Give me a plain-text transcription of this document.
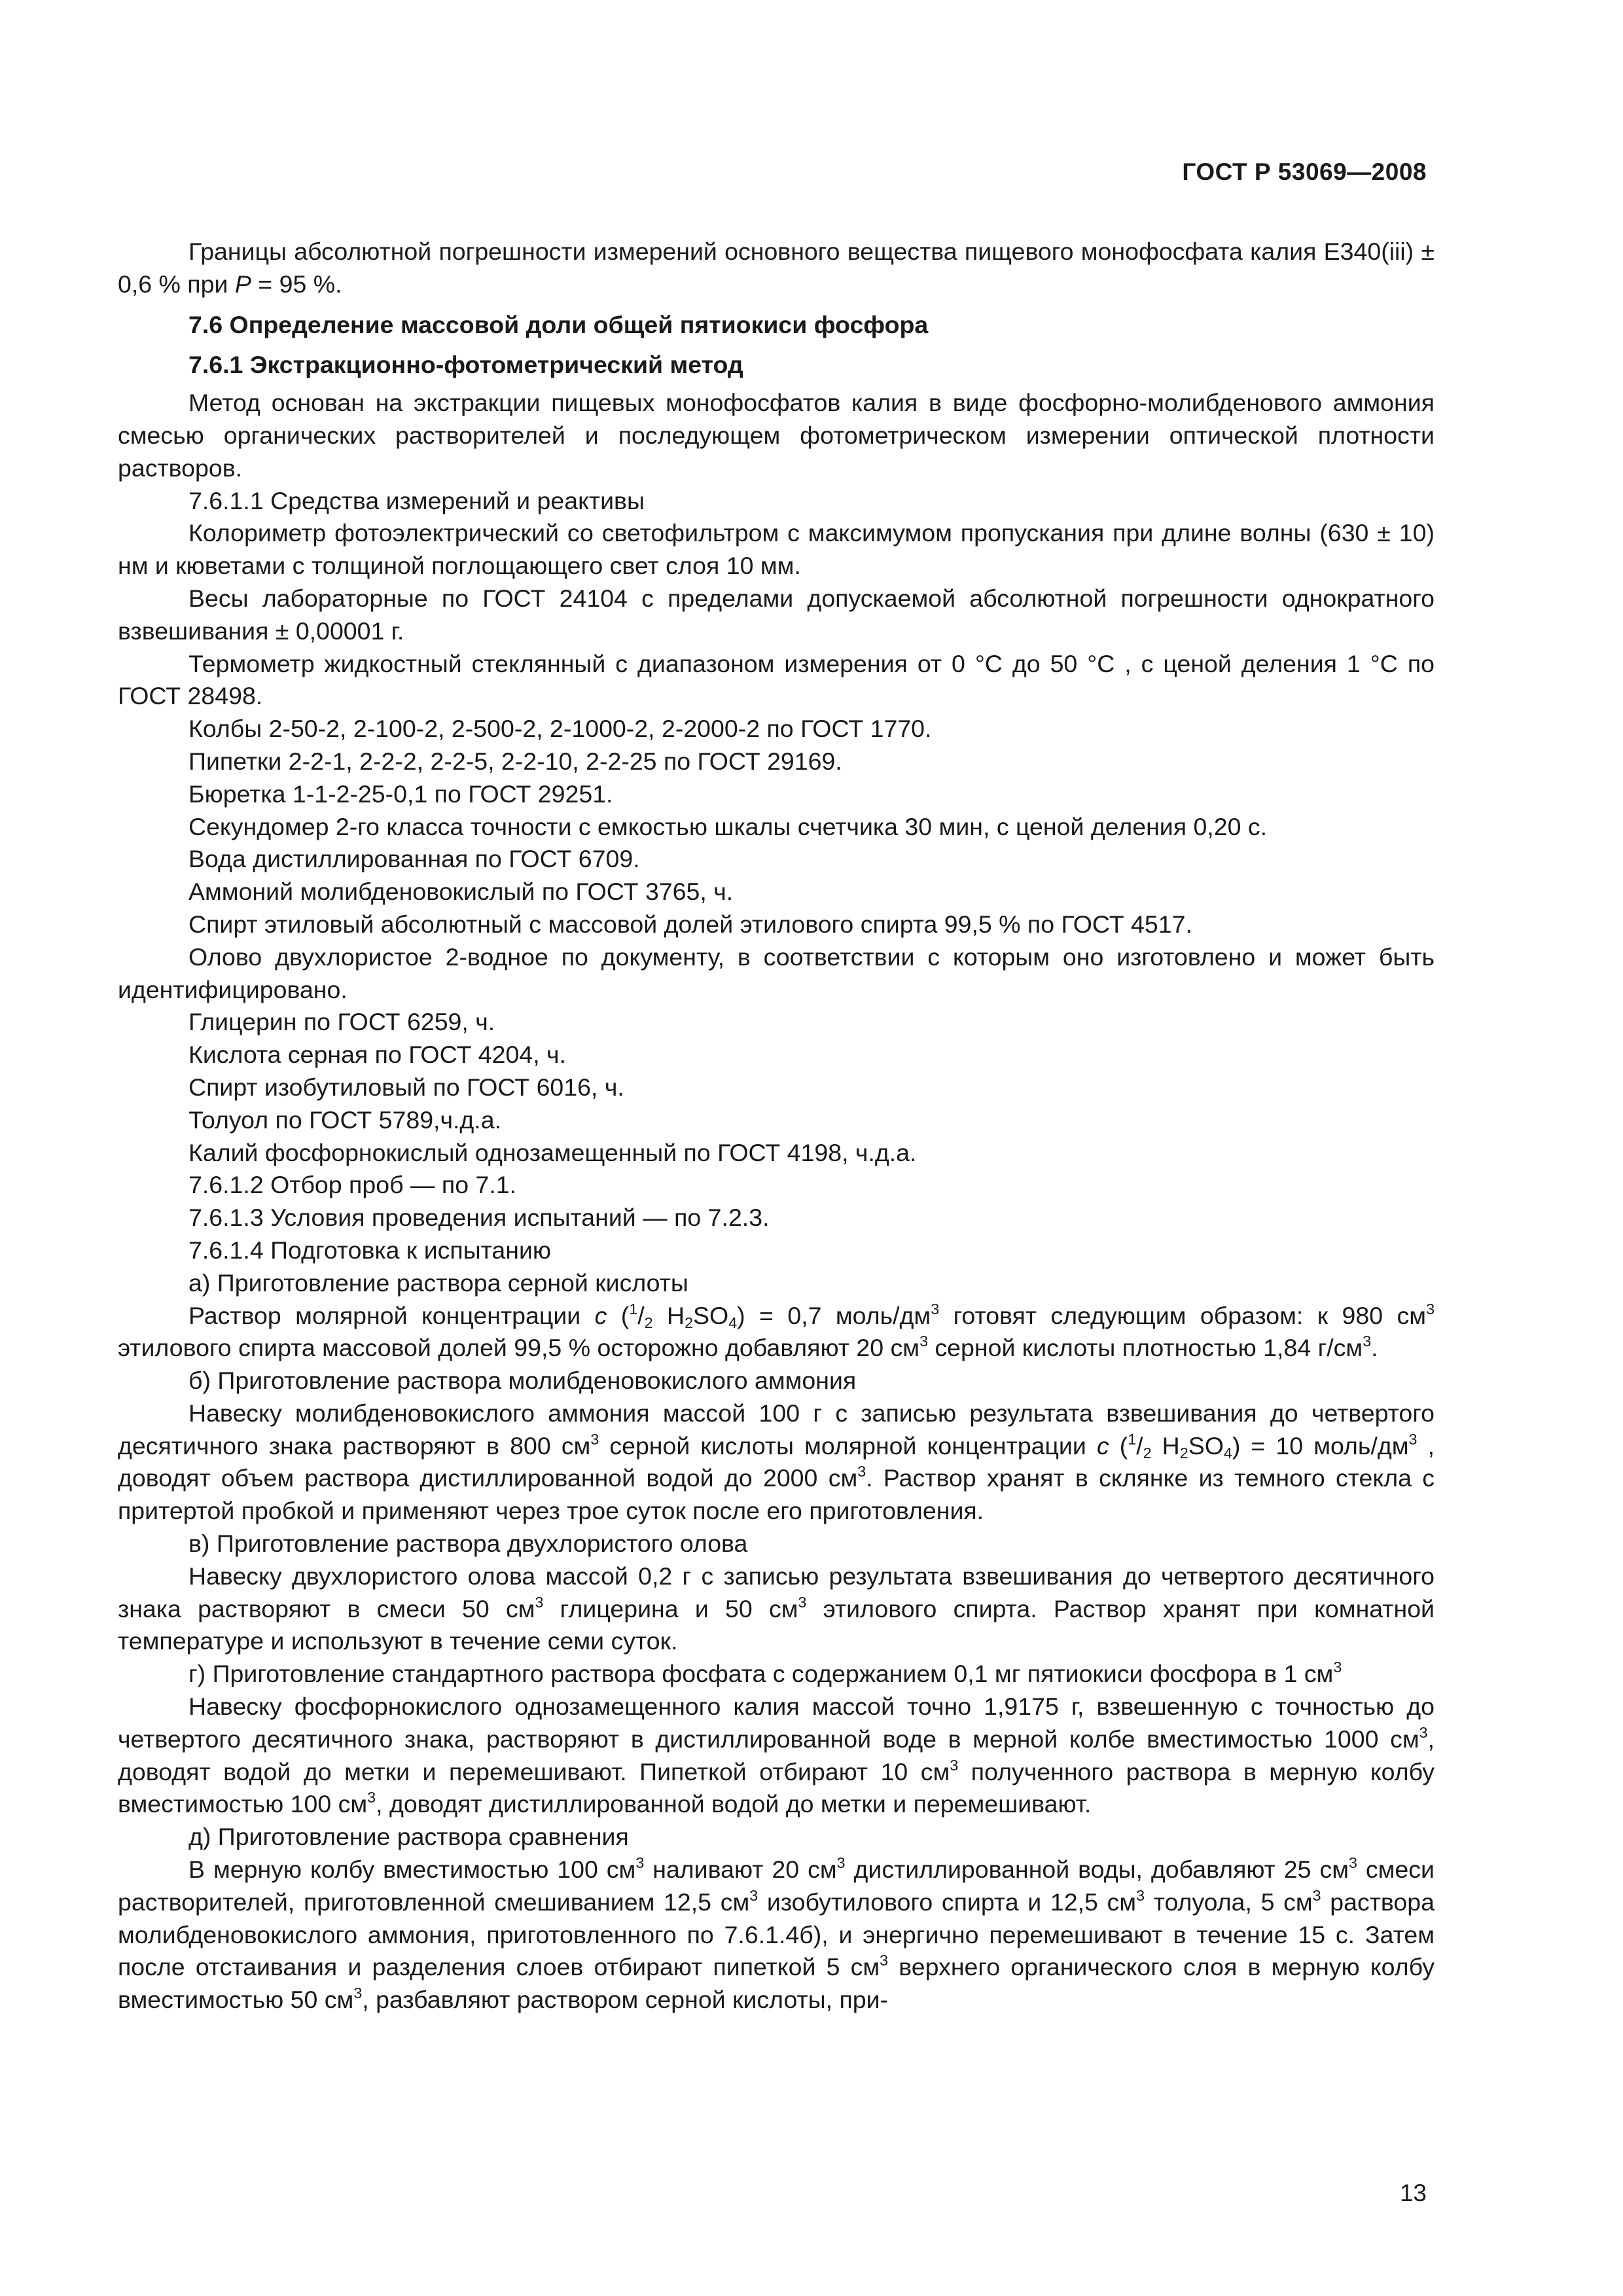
ГОСТ Р 53069—2008

Границы абсолютной погрешности измерений основного вещества пищевого монофосфата калия Е340(iii) ± 0,6 % при Р = 95 %.

7.6 Определение массовой доли общей пятиокиси фосфора

7.6.1 Экстракционно-фотометрический метод

Метод основан на экстракции пищевых монофосфатов калия в виде фосфорно-молибденового аммония смесью органических растворителей и последующем фотометрическом измерении оптической плотности растворов.

7.6.1.1 Средства измерений и реактивы

Колориметр фотоэлектрический со светофильтром с максимумом пропускания при длине волны (630 ± 10) нм и кюветами с толщиной поглощающего свет слоя 10 мм.

Весы лабораторные по ГОСТ 24104 с пределами допускаемой абсолютной погрешности однократного взвешивания ± 0,00001 г.

Термометр жидкостный стеклянный с диапазоном измерения от 0 °С до 50 °С , с ценой деления 1 °С по ГОСТ 28498.

Колбы 2-50-2, 2-100-2, 2-500-2, 2-1000-2, 2-2000-2 по ГОСТ 1770.

Пипетки 2-2-1, 2-2-2, 2-2-5, 2-2-10, 2-2-25 по ГОСТ 29169.

Бюретка 1-1-2-25-0,1 по ГОСТ 29251.

Секундомер 2-го класса точности с емкостью шкалы счетчика 30 мин, с ценой деления 0,20 с.

Вода дистиллированная по ГОСТ 6709.

Аммоний молибденовокислый по ГОСТ 3765, ч.

Спирт этиловый абсолютный с массовой долей этилового спирта 99,5 % по ГОСТ 4517.

Олово двухлористое 2-водное по документу, в соответствии с которым оно изготовлено и может быть идентифицировано.

Глицерин по ГОСТ 6259, ч.

Кислота серная по ГОСТ 4204, ч.

Спирт изобутиловый по ГОСТ 6016, ч.

Толуол по ГОСТ 5789,ч.д.а.

Калий фосфорнокислый однозамещенный по ГОСТ 4198, ч.д.а.

7.6.1.2 Отбор проб — по 7.1.

7.6.1.3 Условия проведения испытаний — по 7.2.3.

7.6.1.4 Подготовка к испытанию

а) Приготовление раствора серной кислоты

Раствор молярной концентрации с ($^1/_2$ $H_2SO_4) = 0,7$ моль/$дм^3$ готовят следующим образом: к 980 $см^3$ этилового спирта массовой долей 99,5 % осторожно добавляют 20 $см^3$ серной кислоты плотностью 1,84 $г/см^3$.

б) Приготовление раствора молибденовокислого аммония

Навеску молибденовокислого аммония массой 100 г с записью результата взвешивания до четвертого десятичного знака растворяют в 800 $см^3$ серной кислоты молярной концентрации с ($^1/_2$ $H_2SO_4) = 10$ моль/$дм^3$ , доводят объем раствора дистиллированной водой до 2000 $см^3$. Раствор хранят в склянке из темного стекла с притертой пробкой и применяют через трое суток после его приготовления.

в) Приготовление раствора двухлористого олова

Навеску двухлористого олова массой 0,2 г с записью результата взвешивания до четвертого десятичного знака растворяют в смеси 50 $см^3$ глицерина и 50 $см^3$ этилового спирта. Раствор хранят при комнатной температуре и используют в течение семи суток.

г) Приготовление стандартного раствора фосфата с содержанием 0,1 мг пятиокиси фосфора в 1 $см^3$

Навеску фосфорнокислого однозамещенного калия массой точно 1,9175 г, взвешенную с точностью до четвертого десятичного знака, растворяют в дистиллированной воде в мерной колбе вместимостью 1000 $см^3$, доводят водой до метки и перемешивают. Пипеткой отбирают 10 $см^3$ полученного раствора в мерную колбу вместимостью 100 $см^3$, доводят дистиллированной водой до метки и перемешивают.

д) Приготовление раствора сравнения

В мерную колбу вместимостью 100 $см^3$ наливают 20 $см^3$ дистиллированной воды, добавляют 25 $см^3$ смеси растворителей, приготовленной смешиванием 12,5 $см^3$ изобутилового спирта и 12,5 $см^3$ толуола, 5 $см^3$ раствора молибденовокислого аммония, приготовленного по 7.6.1.4б), и энергично перемешивают в течение 15 с. Затем после отстаивания и разделения слоев отбирают пипеткой 5 $см^3$ верхнего органического слоя в мерную колбу вместимостью 50 $см^3$, разбавляют раствором серной кислоты, при-

13
